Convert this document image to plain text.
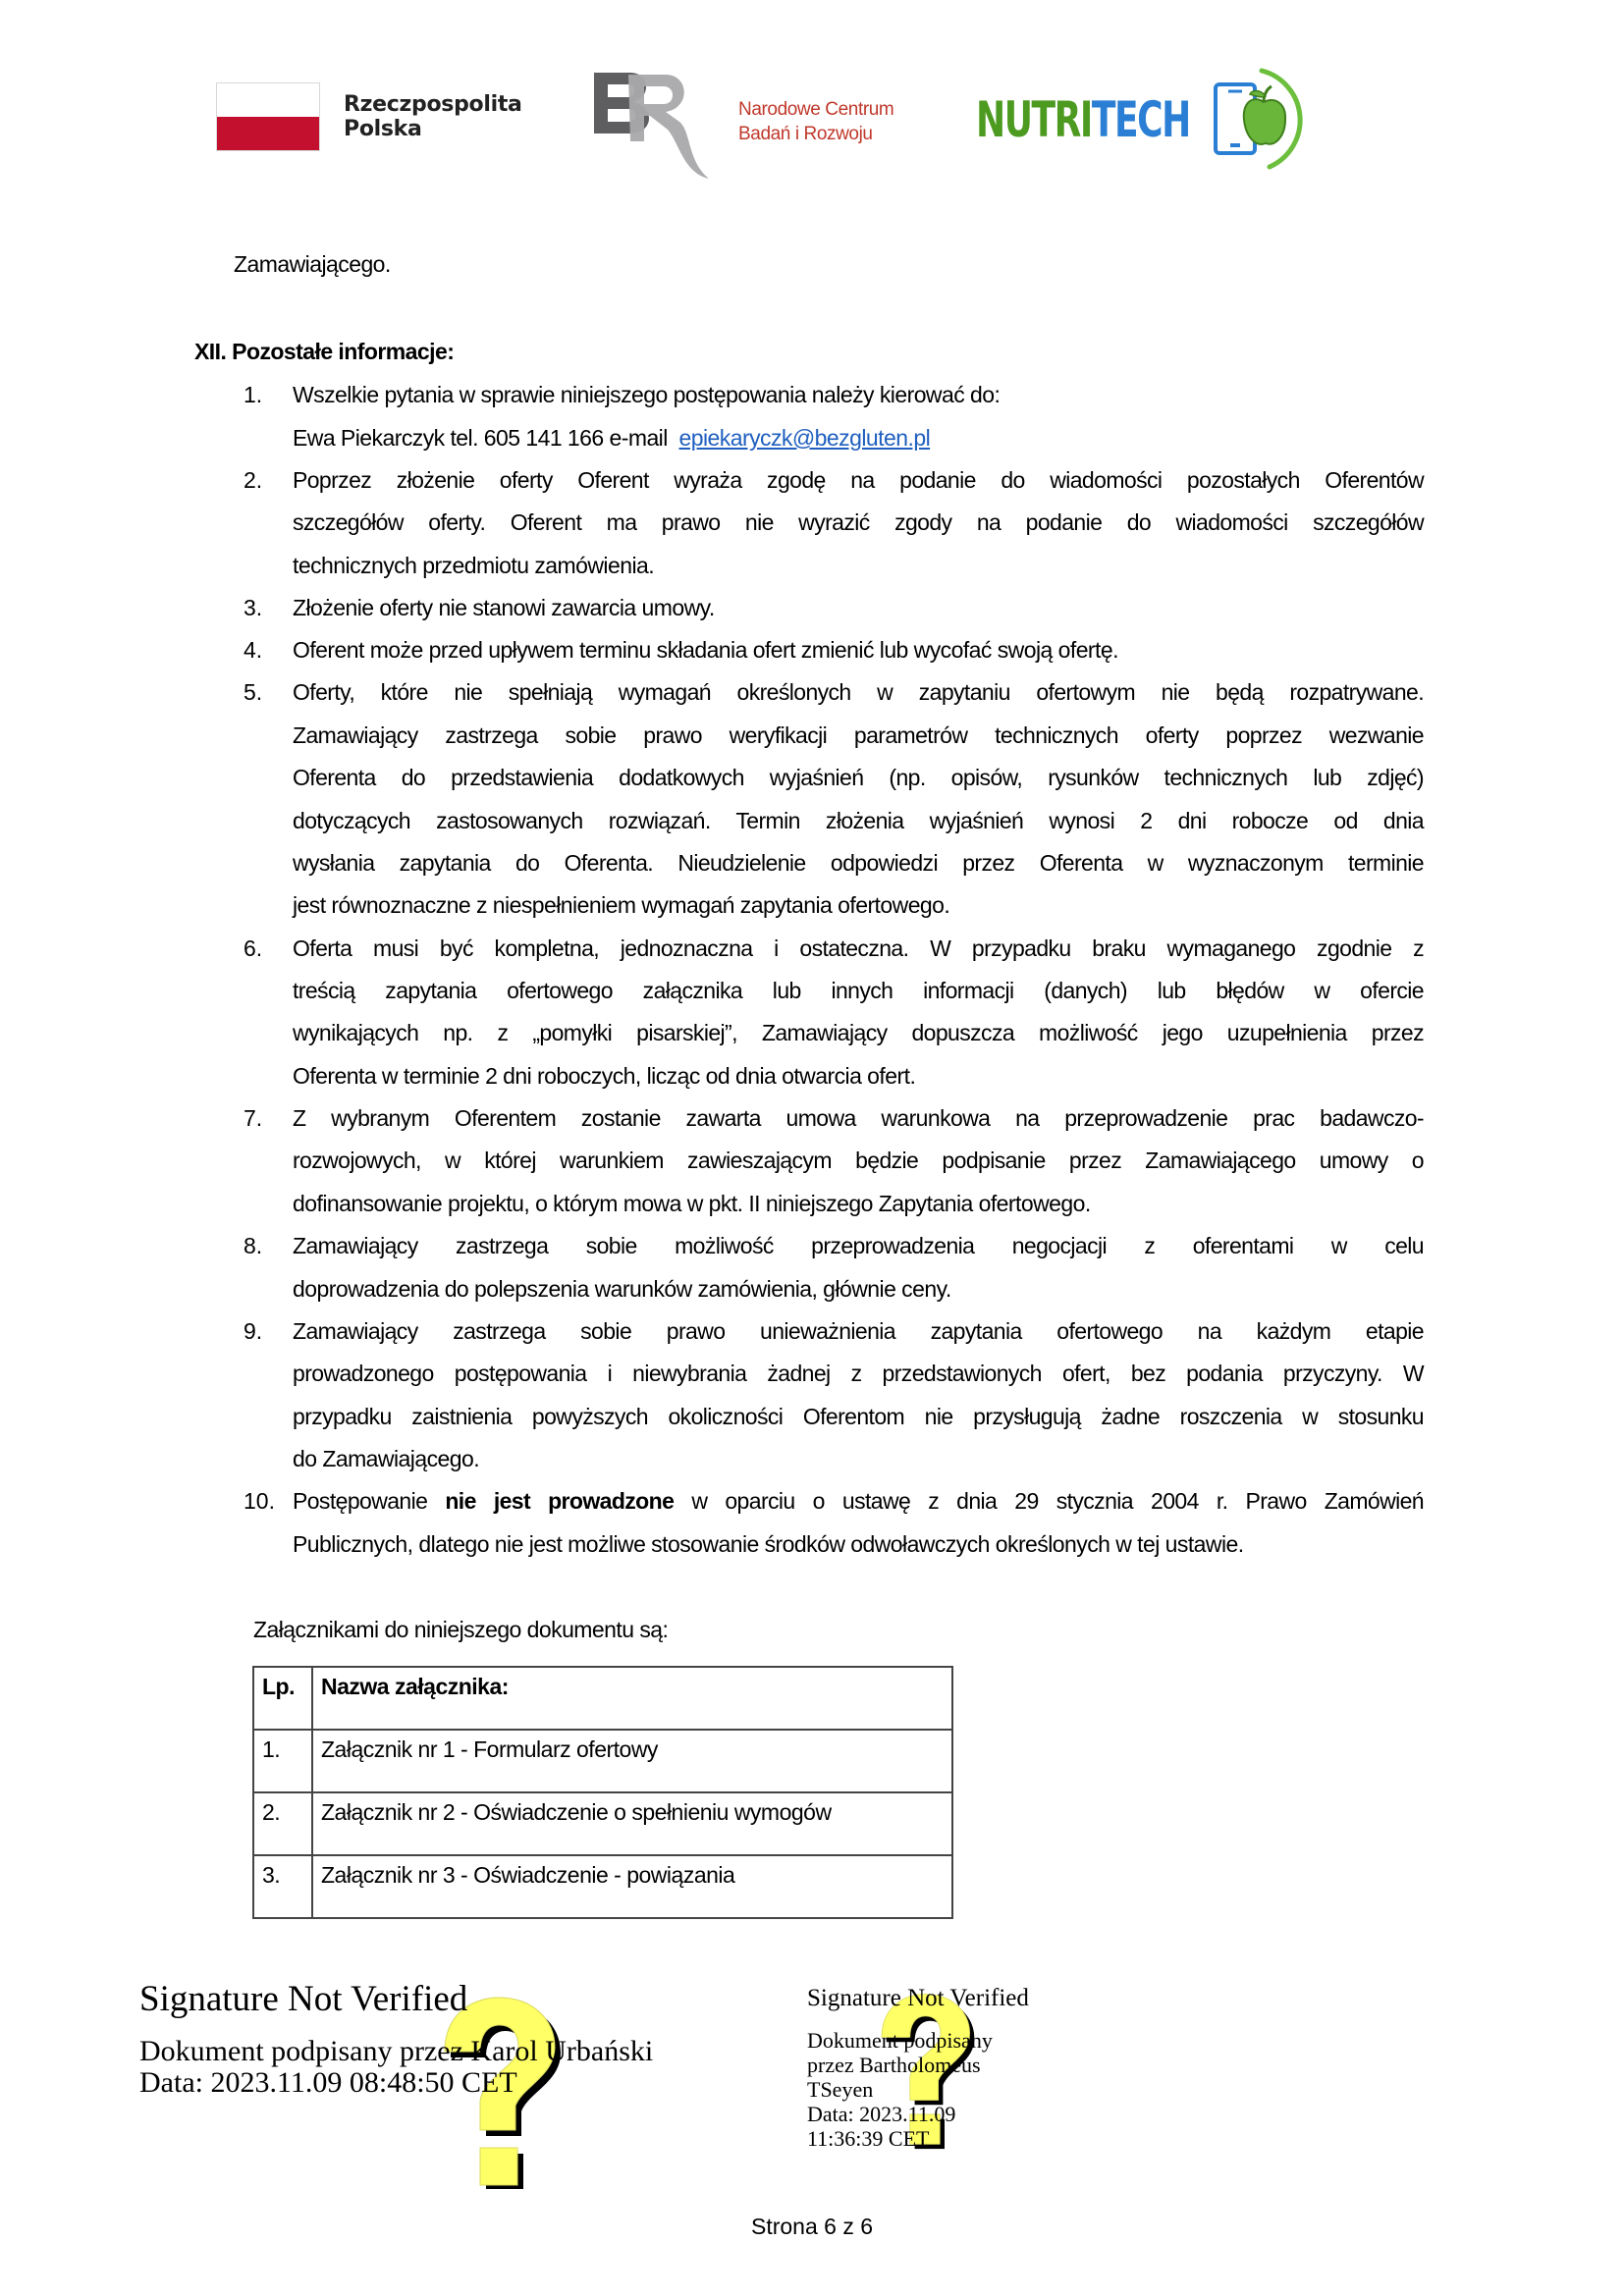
Rzeczpospolita
Polska
Narodowe Centrum
Badań i Rozwoju	NUTRITECH
Zamawiającego.
XII. Pozostałe informacje:
1. Wszelkie pytania w sprawie niniejszego postępowania należy kierować do:
Ewa Piekarczyk tel. 605 141 166 e-mail epiekaryczk@bezgluten.pl
2. Poprzez złożenie oferty Oferent wyraża zgodę na podanie do wiadomości pozostałych Oferentów
szczegółów oferty. Oferent ma prawo nie wyrazić zgody na podanie do wiadomości szczegółów
technicznych przedmiotu zamówienia.
3. Złożenie oferty nie stanowi zawarcia umowy.
4. Oferent może przed upływem terminu składania ofert zmienić lub wycofać swoją ofertę.
5. Oferty, które nie spełniają wymagań określonych w zapytaniu ofertowym nie będą rozpatrywane.
Zamawiający zastrzega sobie prawo weryfikacji parametrów technicznych oferty poprzez wezwanie
Oferenta do przedstawienia dodatkowych wyjaśnień (np. opisów, rysunków technicznych lub zdjęć)
dotyczących zastosowanych rozwiązań. Termin złożenia wyjaśnień wynosi 2 dni robocze od dnia
wysłania zapytania do Oferenta. Nieudzielenie odpowiedzi przez Oferenta w wyznaczonym terminie
jest równoznaczne z niespełnieniem wymagań zapytania ofertowego.
6. Oferta musi być kompletna, jednoznaczna i ostateczna. W przypadku braku wymaganego zgodnie z
treścią zapytania ofertowego załącznika lub innych informacji (danych) lub błędów w ofercie
wynikających np. z „pomyłki pisarskiej”, Zamawiający dopuszcza możliwość jego uzupełnienia przez
Oferenta w terminie 2 dni roboczych, licząc od dnia otwarcia ofert.
7. Z wybranym Oferentem zostanie zawarta umowa warunkowa na przeprowadzenie prac badawczo-
rozwojowych, w której warunkiem zawieszającym będzie podpisanie przez Zamawiającego umowy o
dofinansowanie projektu, o którym mowa w pkt. II niniejszego Zapytania ofertowego.
8. Zamawiający zastrzega sobie możliwość przeprowadzenia negocjacji z oferentami w celu
doprowadzenia do polepszenia warunków zamówienia, głównie ceny.
9. Zamawiający zastrzega sobie prawo unieważnienia zapytania ofertowego na każdym etapie
prowadzonego postępowania i niewybrania żadnej z przedstawionych ofert, bez podania przyczyny. W
przypadku zaistnienia powyższych okoliczności Oferentom nie przysługują żadne roszczenia w stosunku
do Zamawiającego.
10. Postępowanie nie jest prowadzone w oparciu o ustawę z dnia 29 stycznia 2004 r. Prawo Zamówień
Publicznych, dlatego nie jest możliwe stosowanie środków odwoławczych określonych w tej ustawie.
Załącznikami do niniejszego dokumentu są:
Lp.	Nazwa załącznika:
1.	Załącznik nr 1 - Formularz ofertowy
2.	Załącznik nr 2 - Oświadczenie o spełnieniu wymogów
3.	Załącznik nr 3 - Oświadczenie - powiązania
Signature Not Verified
Dokument podpisany przez Karol Urbański
Data: 2023.11.09 08:48:50 CET
Signature Not Verified
Dokument podpisany
przez Bartholomeus
TSeyen
Data: 2023.11.09
11:36:39 CET
Strona 6 z 6
